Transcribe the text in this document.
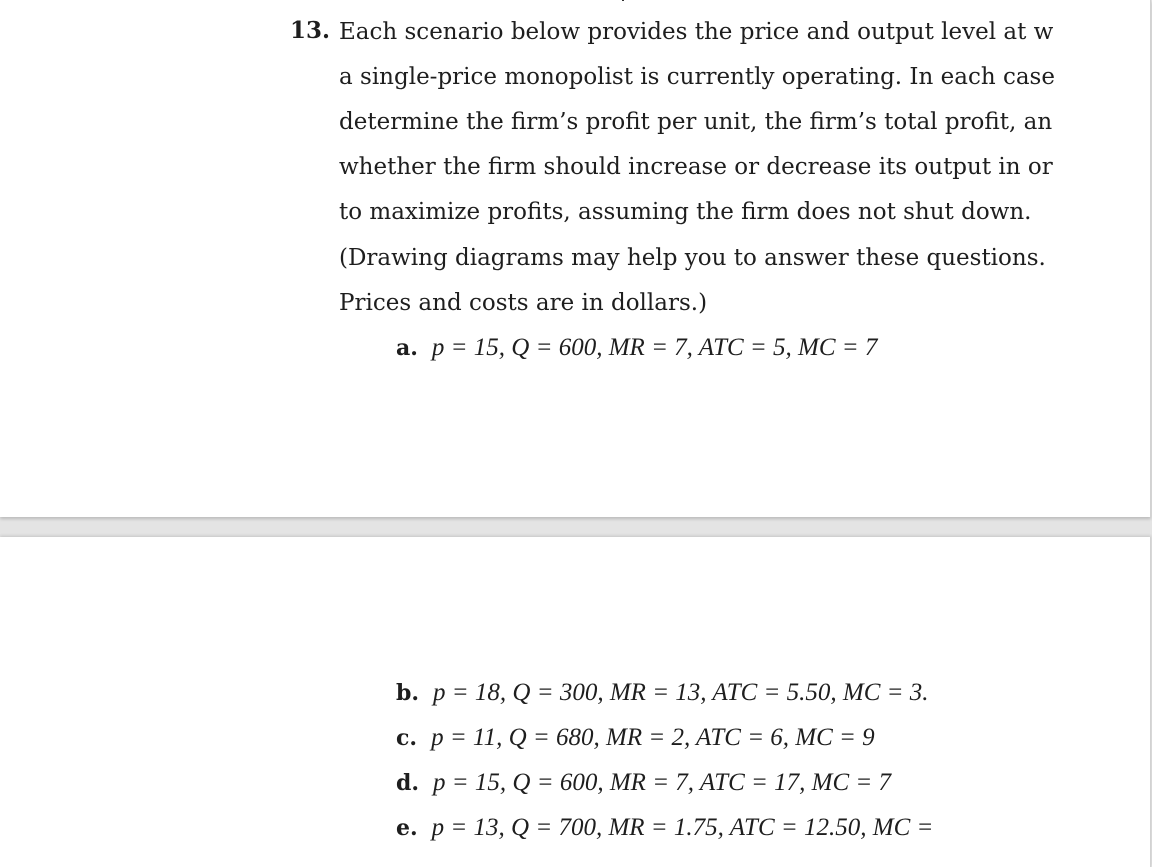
13. Each scenario below provides the price and output level at w
a single-price monopolist is currently operating. In each case
determine the firm’s profit per unit, the firm’s total profit, an
whether the firm should increase or decrease its output in or
to maximize profits, assuming the firm does not shut down.
(Drawing diagrams may help you to answer these questions.
Prices and costs are in dollars.)
a. p = 15, Q = 600, MR = 7, ATC = 5, MC = 7
b. p = 18, Q = 300, MR = 13, ATC = 5.50, MC = 3.
c. p = 11, Q = 680, MR = 2, ATC = 6, MC = 9
d. p = 15, Q = 600, MR = 7, ATC = 17, MC = 7
e. p = 13, Q = 700, MR = 1.75, ATC = 12.50, MC =
